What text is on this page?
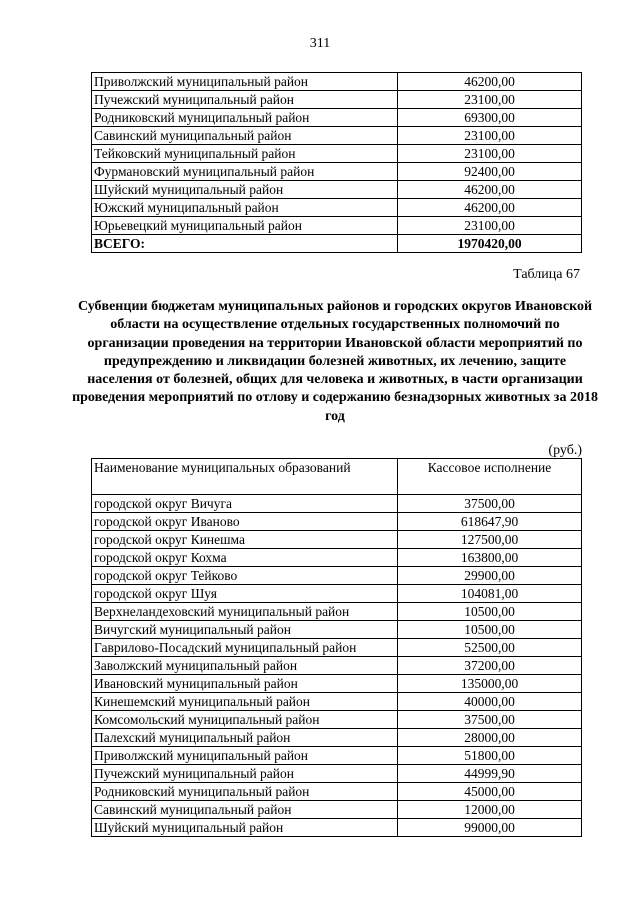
311
Приволжский муниципальный район	46200,00
Пучежский муниципальный район	23100,00
Родниковский муниципальный район	69300,00
Савинский муниципальный район	23100,00
Тейковский муниципальный район	23100,00
Фурмановский муниципальный район	92400,00
Шуйский муниципальный район	46200,00
Южский муниципальный район	46200,00
Юрьевецкий муниципальный район	23100,00
ВСЕГО:	1970420,00
Таблица 67
Субвенции бюджетам муниципальных районов и городских округов Ивановской области на осуществление отдельных государственных полномочий по организации проведения на территории Ивановской области мероприятий по предупреждению и ликвидации болезней животных, их лечению, защите населения от болезней, общих для человека и животных, в части организации проведения мероприятий по отлову и содержанию безнадзорных животных за 2018 год
(руб.)
Наименование муниципальных образований	Кассовое исполнение
городской округ Вичуга	37500,00
городской округ Иваново	618647,90
городской округ Кинешма	127500,00
городской округ Кохма	163800,00
городской округ Тейково	29900,00
городской округ Шуя	104081,00
Верхнеландеховский муниципальный район	10500,00
Вичугский муниципальный район	10500,00
Гаврилово-Посадский муниципальный район	52500,00
Заволжский муниципальный район	37200,00
Ивановский муниципальный район	135000,00
Кинешемский муниципальный район	40000,00
Комсомольский муниципальный район	37500,00
Палехский муниципальный район	28000,00
Приволжский муниципальный район	51800,00
Пучежский муниципальный район	44999,90
Родниковский муниципальный район	45000,00
Савинский муниципальный район	12000,00
Шуйский муниципальный район	99000,00
